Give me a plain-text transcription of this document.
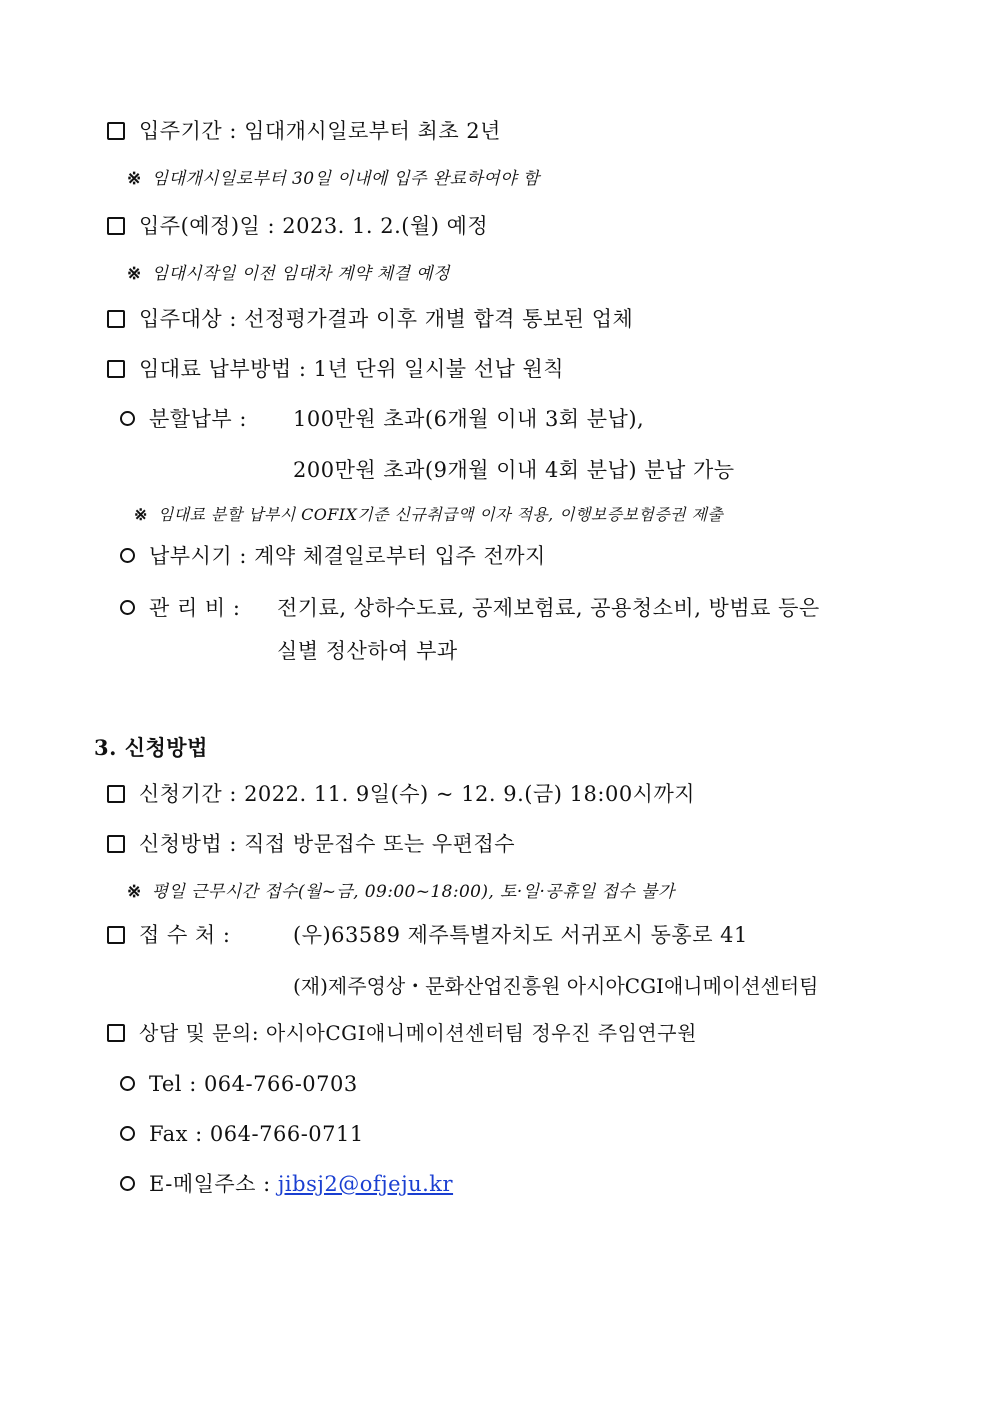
입주기간 : 임대개시일로부터 최초 2년
※ 임대개시일로부터 30일 이내에 입주 완료하여야 함
입주(예정)일 : 2023. 1. 2.(월) 예정
※ 임대시작일 이전 임대차 계약 체결 예정
입주대상 : 선정평가결과 이후 개별 합격 통보된 업체
임대료 납부방법 : 1년 단위 일시불 선납 원칙
분할납부 : 100만원 초과(6개월 이내 3회 분납),
200만원 초과(9개월 이내 4회 분납) 분납 가능
※ 임대료 분할 납부시 COFIX기준 신규취급액 이자 적용, 이행보증보험증권 제출
납부시기 : 계약 체결일로부터 입주 전까지
관 리 비 : 전기료, 상하수도료, 공제보험료, 공용청소비, 방범료 등은
실별 정산하여 부과
3. 신청방법
신청기간 : 2022. 11. 9일(수) ~ 12. 9.(금) 18:00시까지
신청방법 : 직접 방문접수 또는 우편접수
※ 평일 근무시간 접수(월~금, 09:00~18:00), 토·일·공휴일 접수 불가
접 수 처 :	(우)63589 제주특별자치도 서귀포시 동홍로 41
(재)제주영상・문화산업진흥원 아시아CGI애니메이션센터팀
상담 및 문의: 아시아CGI애니메이션센터팀 정우진 주임연구원
Tel : 064-766-0703
Fax : 064-766-0711
E-메일주소 : jibsj2@ofjeju.kr
